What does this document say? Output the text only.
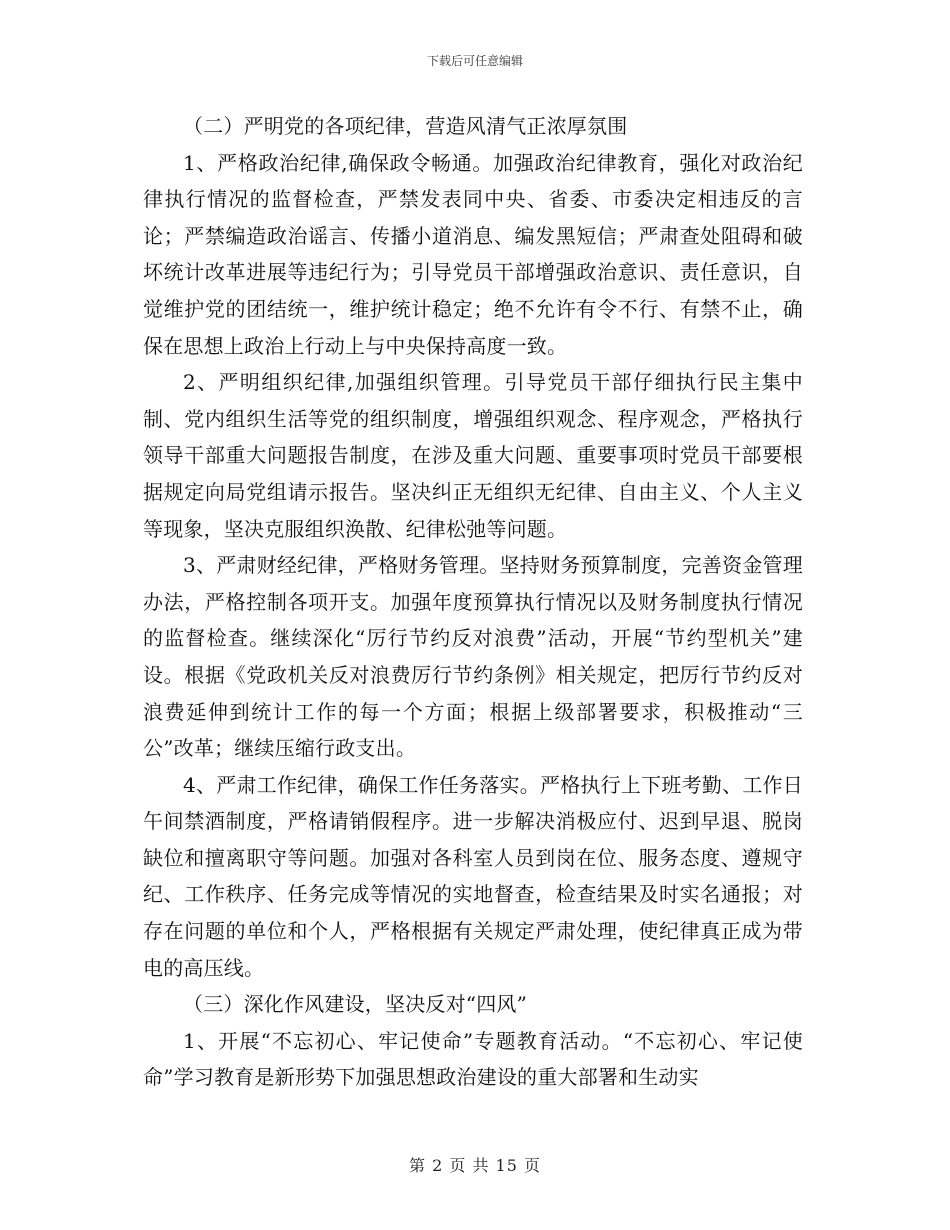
下载后可任意编辑

（二）严明党的各项纪律，营造风清气正浓厚氛围

1、严格政治纪律,确保政令畅通。加强政治纪律教育，强化对政治纪律执行情况的监督检查，严禁发表同中央、省委、市委决定相违反的言论；严禁编造政治谣言、传播小道消息、编发黑短信；严肃查处阻碍和破坏统计改革进展等违纪行为；引导党员干部增强政治意识、责任意识，自觉维护党的团结统一，维护统计稳定；绝不允许有令不行、有禁不止，确保在思想上政治上行动上与中央保持高度一致。

2、严明组织纪律,加强组织管理。引导党员干部仔细执行民主集中制、党内组织生活等党的组织制度，增强组织观念、程序观念，严格执行领导干部重大问题报告制度，在涉及重大问题、重要事项时党员干部要根据规定向局党组请示报告。坚决纠正无组织无纪律、自由主义、个人主义等现象，坚决克服组织涣散、纪律松弛等问题。

3、严肃财经纪律，严格财务管理。坚持财务预算制度，完善资金管理办法，严格控制各项开支。加强年度预算执行情况以及财务制度执行情况的监督检查。继续深化“厉行节约反对浪费”活动，开展“节约型机关”建设。根据《党政机关反对浪费厉行节约条例》相关规定，把厉行节约反对浪费延伸到统计工作的每一个方面；根据上级部署要求，积极推动“三公”改革；继续压缩行政支出。

4、严肃工作纪律，确保工作任务落实。严格执行上下班考勤、工作日午间禁酒制度，严格请销假程序。进一步解决消极应付、迟到早退、脱岗缺位和擅离职守等问题。加强对各科室人员到岗在位、服务态度、遵规守纪、工作秩序、任务完成等情况的实地督查，检查结果及时实名通报；对存在问题的单位和个人，严格根据有关规定严肃处理，使纪律真正成为带电的高压线。

（三）深化作风建设，坚决反对“四风”

1、开展“不忘初心、牢记使命”专题教育活动。“不忘初心、牢记使命”学习教育是新形势下加强思想政治建设的重大部署和生动实

第 2 页 共 15 页
